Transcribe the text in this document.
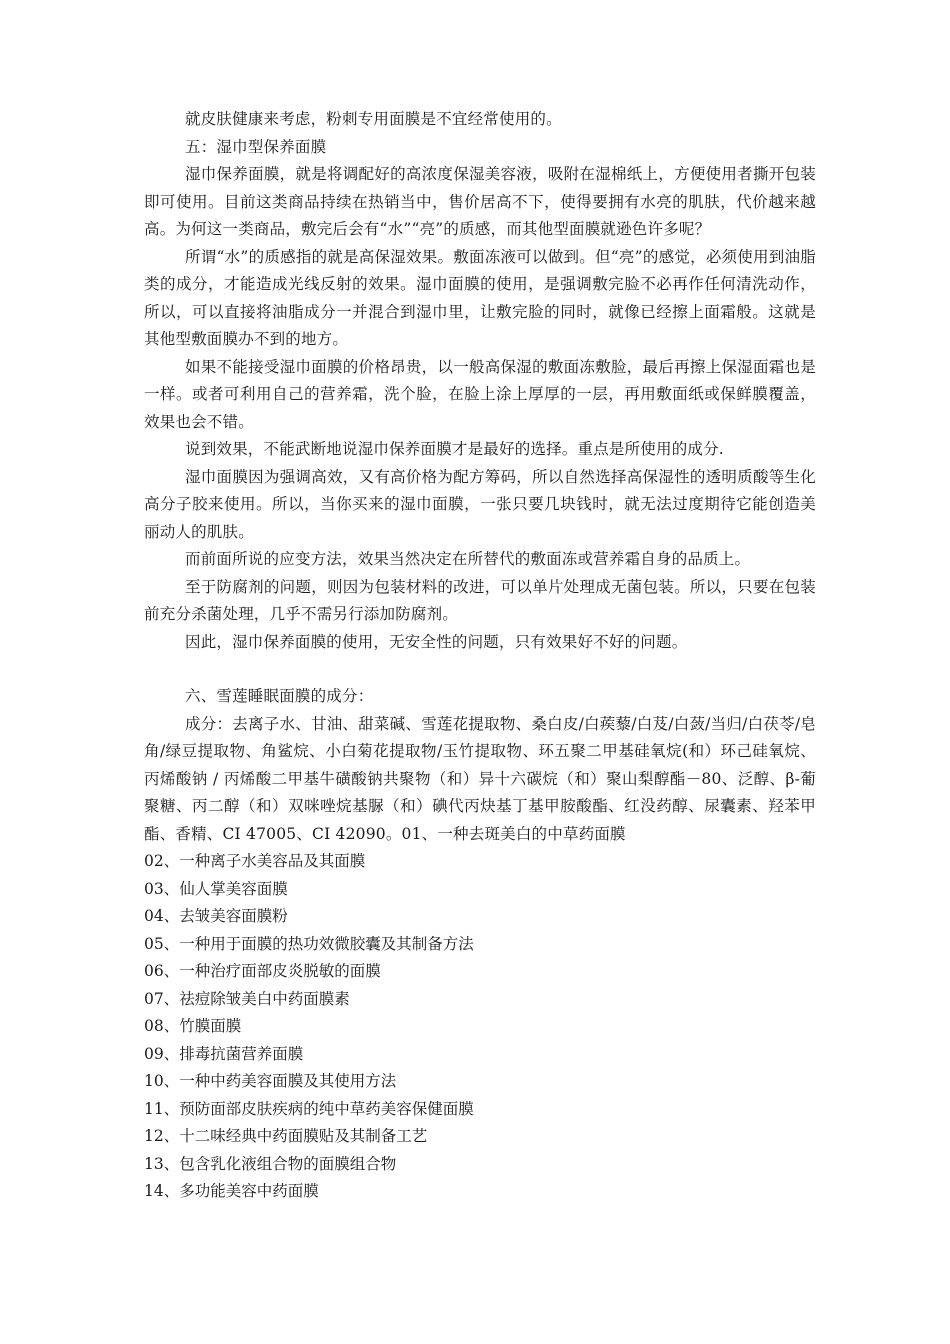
就皮肤健康来考虑，粉刺专用面膜是不宜经常使用的。

五：湿巾型保养面膜

湿巾保养面膜，就是将调配好的高浓度保湿美容液，吸附在湿棉纸上，方便使用者撕开包装即可使用。目前这类商品持续在热销当中，售价居高不下，使得要拥有水亮的肌肤，代价越来越高。为何这一类商品，敷完后会有“水”“亮”的质感，而其他型面膜就逊色许多呢？

所谓“水”的质感指的就是高保湿效果。敷面冻液可以做到。但“亮”的感觉，必须使用到油脂类的成分，才能造成光线反射的效果。湿巾面膜的使用，是强调敷完脸不必再作任何清洗动作，所以，可以直接将油脂成分一并混合到湿巾里，让敷完脸的同时，就像已经擦上面霜般。这就是其他型敷面膜办不到的地方。

如果不能接受湿巾面膜的价格昂贵，以一般高保湿的敷面冻敷脸，最后再擦上保湿面霜也是一样。或者可利用自己的营养霜，洗个脸，在脸上涂上厚厚的一层，再用敷面纸或保鲜膜覆盖，效果也会不错。

说到效果，不能武断地说湿巾保养面膜才是最好的选择。重点是所使用的成分.

湿巾面膜因为强调高效，又有高价格为配方筹码，所以自然选择高保湿性的透明质酸等生化高分子胶来使用。所以，当你买来的湿巾面膜，一张只要几块钱时，就无法过度期待它能创造美丽动人的肌肤。

而前面所说的应变方法，效果当然决定在所替代的敷面冻或营养霜自身的品质上。

至于防腐剂的问题，则因为包装材料的改进，可以单片处理成无菌包装。所以，只要在包装前充分杀菌处理，几乎不需另行添加防腐剂。

因此，湿巾保养面膜的使用，无安全性的问题，只有效果好不好的问题。

六、雪莲睡眠面膜的成分：

成分：去离子水、甘油、甜菜碱、雪莲花提取物、桑白皮/白蒺藜/白芨/白蔹/当归/白茯苓/皂角/绿豆提取物、角鲨烷、小白菊花提取物/玉竹提取物、环五聚二甲基硅氧烷(和）环己硅氧烷、丙烯酸钠 / 丙烯酸二甲基牛磺酸钠共聚物（和）异十六碳烷（和）聚山梨醇酯－80、泛醇、β-葡聚糖、丙二醇（和）双咪唑烷基脲（和）碘代丙炔基丁基甲胺酸酯、红没药醇、尿囊素、羟苯甲酯、香精、CI 47005、CI 42090。01、一种去斑美白的中草药面膜

02、一种离子水美容品及其面膜
03、仙人掌美容面膜
04、去皱美容面膜粉
05、一种用于面膜的热功效微胶囊及其制备方法
06、一种治疗面部皮炎脱敏的面膜
07、祛痘除皱美白中药面膜素
08、竹膜面膜
09、排毒抗菌营养面膜
10、一种中药美容面膜及其使用方法
11、预防面部皮肤疾病的纯中草药美容保健面膜
12、十二味经典中药面膜贴及其制备工艺
13、包含乳化液组合物的面膜组合物
14、多功能美容中药面膜
